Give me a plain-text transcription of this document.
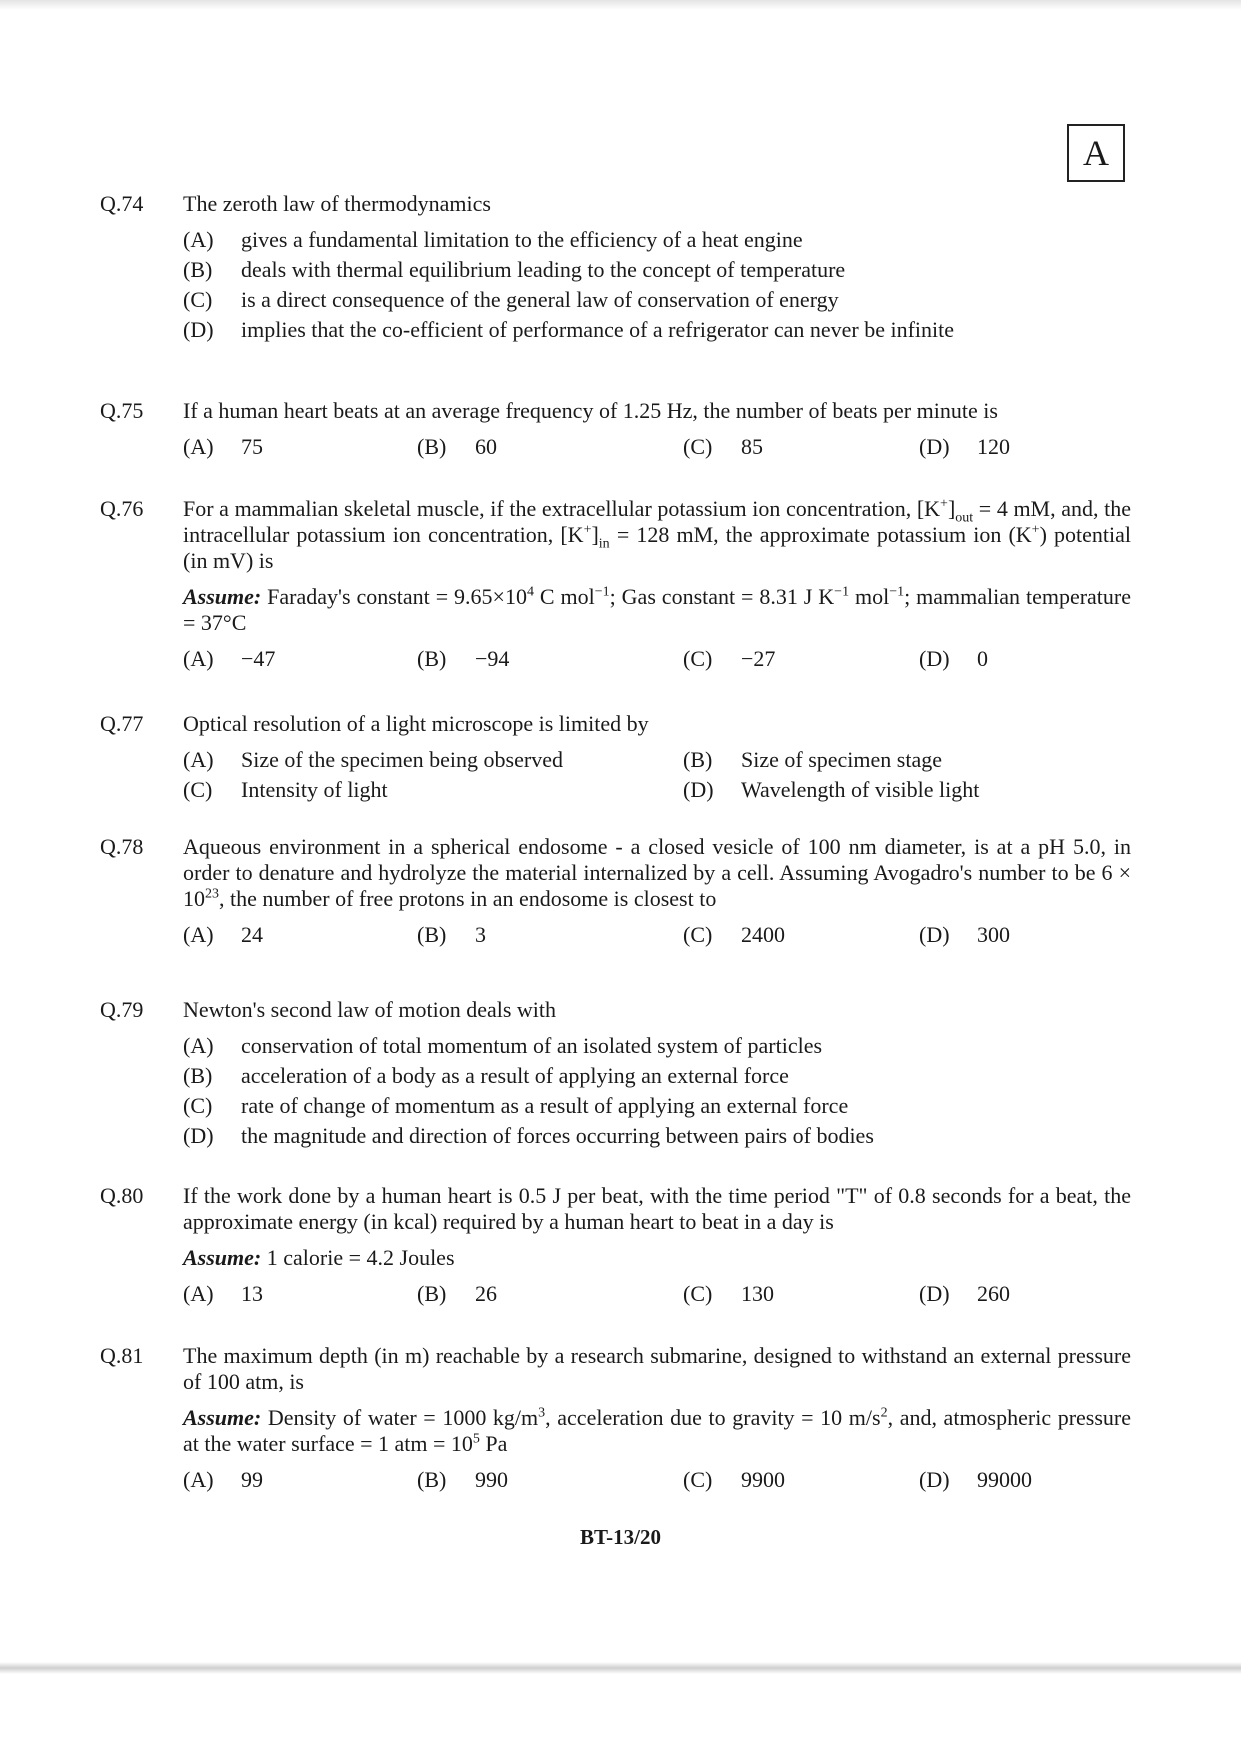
A
Q.74 The zeroth law of thermodynamics
(A)	gives a fundamental limitation to the efficiency of a heat engine
(B)	deals with thermal equilibrium leading to the concept of temperature
(C)	is a direct consequence of the general law of conservation of energy
(D)	implies that the co-efficient of performance of a refrigerator can never be infinite
Q.75 If a human heart beats at an average frequency of 1.25 Hz, the number of beats per minute is
(A) 75	(B) 60	(C) 85	(D) 120
Q.76 For a mammalian skeletal muscle, if the extracellular potassium ion concentration, $[K^+]_{out} = 4$ mM, and, the intracellular potassium ion concentration, $[K^+]_{in} = 128$ mM, the approximate potassium ion (K+) potential (in mV) is
Assume: Faraday's constant = $9.65\times 10^4$ C mol$^{-1}$; Gas constant = 8.31 J $K^{-1}$ mol$^{-1}$; mammalian temperature = 37°C
(A) −47	(B) −94	(C) −27	(D) 0
Q.77 Optical resolution of a light microscope is limited by
(A) Size of the specimen being observed	(B) Size of specimen stage
(C) Intensity of light	(D) Wavelength of visible light
Q.78 Aqueous environment in a spherical endosome - a closed vesicle of 100 nm diameter, is at a pH 5.0, in order to denature and hydrolyze the material internalized by a cell. Assuming Avogadro's number to be $6 \times 10^{23}$, the number of free protons in an endosome is closest to
(A) 24	(B) 3	(C) 2400	(D) 300
Q.79 Newton's second law of motion deals with
(A)	conservation of total momentum of an isolated system of particles
(B)	acceleration of a body as a result of applying an external force
(C)	rate of change of momentum as a result of applying an external force
(D)	the magnitude and direction of forces occurring between pairs of bodies
Q.80 If the work done by a human heart is 0.5 J per beat, with the time period "T" of 0.8 seconds for a beat, the approximate energy (in kcal) required by a human heart to beat in a day is
Assume: 1 calorie = 4.2 Joules
(A) 13	(B) 26	(C) 130	(D) 260
Q.81 The maximum depth (in m) reachable by a research submarine, designed to withstand an external pressure of 100 atm, is
Assume: Density of water = 1000 $kg/m^3$, acceleration due to gravity = 10 $m/s^2$, and, atmospheric pressure at the water surface = 1 atm = $10^5$ Pa
(A) 99	(B) 990	(C) 9900	(D) 99000
BT-13/20
